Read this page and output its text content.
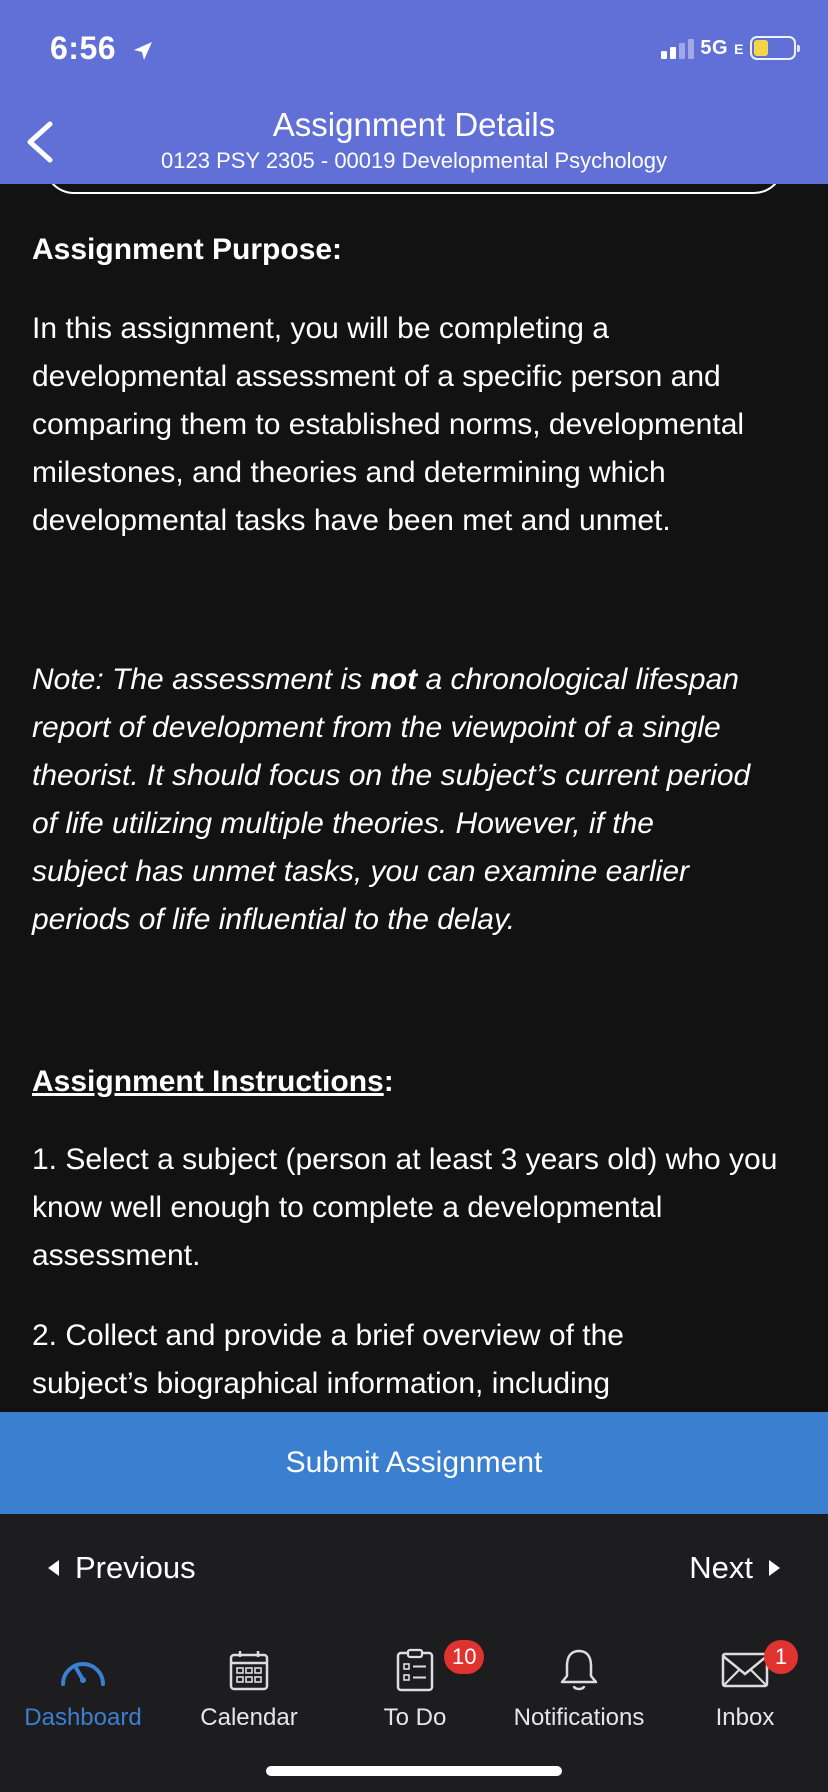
6:56	5G E
Assignment Details
0123 PSY 2305 - 00019 Developmental Psychology
Assignment Purpose:
In this assignment, you will be completing a
developmental assessment of a specific person and
comparing them to established norms, developmental
milestones, and theories and determining which
developmental tasks have been met and unmet.
Note: The assessment is not a chronological lifespan
report of development from the viewpoint of a single
theorist. It should focus on the subject’s current period
of life utilizing multiple theories. However, if the
subject has unmet tasks, you can examine earlier
periods of life influential to the delay.
Assignment Instructions:
1. Select a subject (person at least 3 years old) who you
know well enough to complete a developmental
assessment.
2. Collect and provide a brief overview of the
subject’s biographical information, including
Submit Assignment
Previous	Next
Dashboard	Calendar
10
To Do	Notifications
1
Inbox
